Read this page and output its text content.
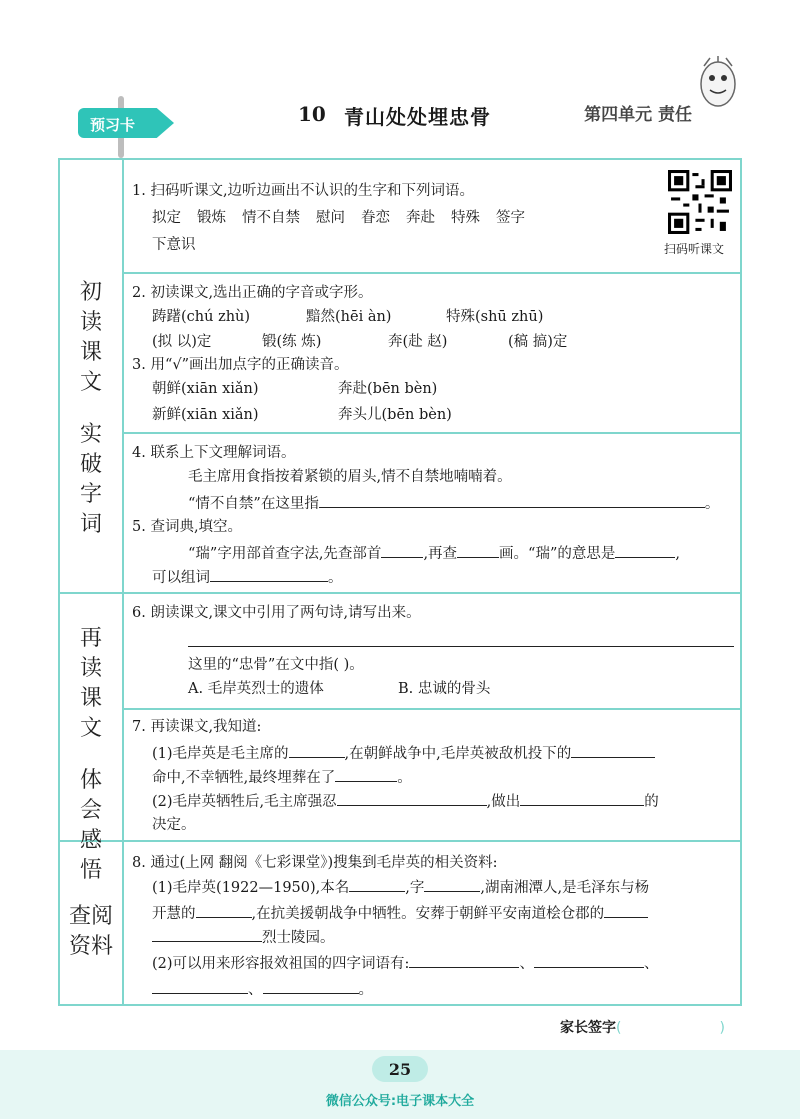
第四单元 责任
预习卡	10 青山处处埋忠骨
初
读
课
文
实
破
字
词
再
读
课
文
体
会
感
悟
查 阅
资 料
扫码听课文
1. 扫码听课文,边听边画出不认识的生字和下列词语。
拟定 锻炼 情不自禁 慰问 眷恋 奔赴 特殊 签字
下意识
2. 初读课文,选出正确的字音或字形。
踌躇(chú zhù)	黯然(hēi àn)	特殊(shū zhū)
(拟 以)定	锻(练 炼)	奔(赴 赵)	(稿 搞)定
3. 用“√”画出加点字的正确读音。
朝鲜(xiān xiǎn)	奔赴(bēn bèn)
新鲜(xiān xiǎn)	奔头儿(bēn bèn)
4. 联系上下文理解词语。
毛主席用食指按着紧锁的眉头,情不自禁地喃喃着。
“情不自禁”在这里指	。
5. 查词典,填空。
“瑞”字用部首查字法,先查部首	,再查	画。“瑞”的意思是	,
可以组词	。
6. 朗读课文,课文中引用了两句诗,请写出来。
这里的“忠骨”在文中指( )。
A. 毛岸英烈士的遗体	B. 忠诚的骨头
7. 再读课文,我知道:
(1)毛岸英是毛主席的	,在朝鲜战争中,毛岸英被敌机投下的
命中,不幸牺牲,最终埋葬在了	。
(2)毛岸英牺牲后,毛主席强忍	,做出	的
决定。
8. 通过(上网 翻阅《七彩课堂》)搜集到毛岸英的相关资料:
(1)毛岸英(1922—1950),本名	,字	,湖南湘潭人,是毛泽东与杨
开慧的	,在抗美援朝战争中牺牲。安葬于朝鲜平安南道桧仓郡的
烈士陵园。
(2)可以用来形容报效祖国的四字词语有:	、	、
、	。
家长签字(	)
25
微信公众号:电子课本大全
